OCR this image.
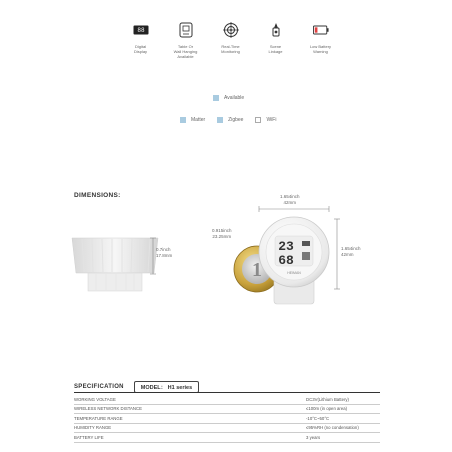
88
Digital
Display
Table Or
Wall Hanging
Available
Real-Time
Monitoring
Scene
Linkage
Low Battery
Warning
Available
Matter	Zigbee	WiFi
DIMENSIONS:
0.7inch
17.8mm
0.915inch
23.25mm
1
1.654inch
42mm
1.654inch
42mm
23
68
HEIMAN
SPECIFICATION	MODEL： H1 series
WORKING VOLTAGE	DC3V(Lithium Battery)
WIRELESS NETWORK DISTANCE	≤100m (in open area)
TEMPERATURE RANGE	-10°C~50°C
HUMIDITY RANGE	≤95%RH (no condensation)
BATTERY LIFE	3 years
